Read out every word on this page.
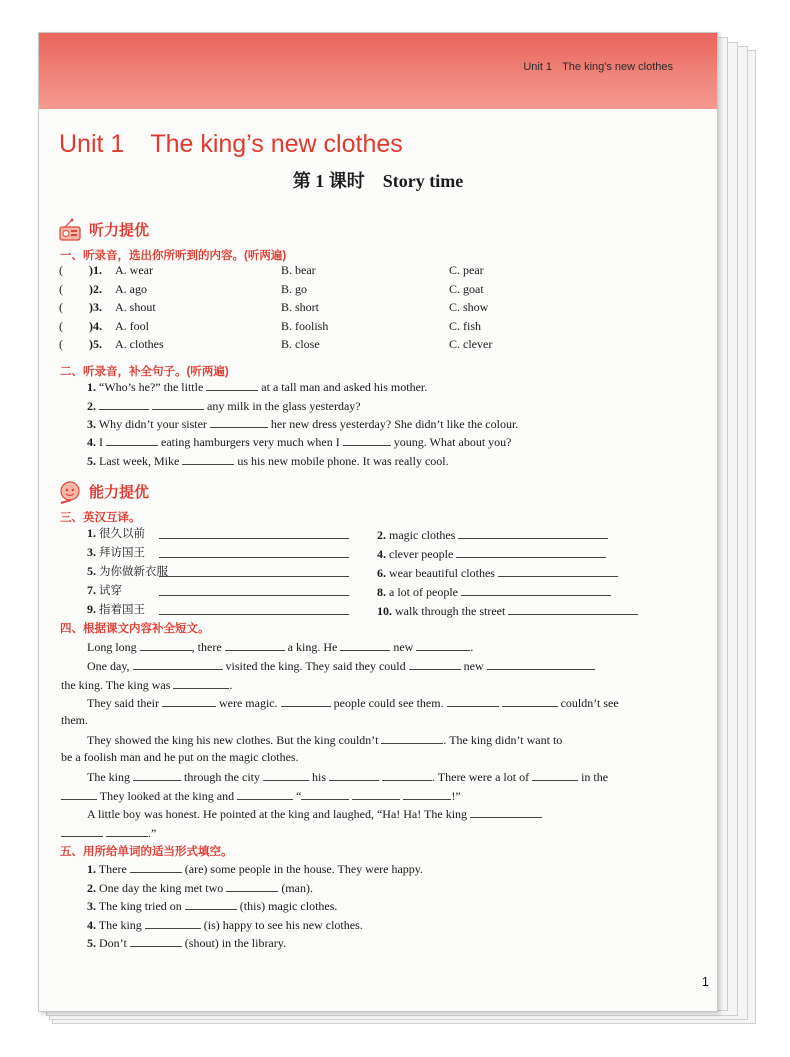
Unit 1 The king's new clothes
Unit 1 The king’s new clothes
第 1 课时 Story time
听力提优
一、听录音，选出你所听到的内容。(听两遍)
二、听录音，补全句子。(听两遍)
1. “Who’s he?” the little	at a tall man and asked his mother.
2.	any milk in the glass yesterday?
3. Why didn’t your sister	her new dress yesterday? She didn’t like the colour.
4. I	eating hamburgers very much when I	young. What about you?
5. Last week, Mike	us his new mobile phone. It was really cool.
能力提优
三、英汉互译。
四、根据课文内容补全短文。
Long long	, there	a king. He	new	.
One day,	visited the king. They said they could	new
the king. The king was	.
They said their	were magic.	people could see them.	couldn’t see
them.
They showed the king his new clothes. But the king couldn’t	. The king didn’t want to
be a foolish man and he put on the magic clothes.
The king	through the city	his	. There were a lot of	in the
They looked at the king and	“	!”
A little boy was honest. He pointed at the king and laughed, “Ha! Ha! The king
.”
五、用所给单词的适当形式填空。
1. There	(are) some people in the house. They were happy.
2. One day the king met two	(man).
3. The king tried on	(this) magic clothes.
4. The king	(is) happy to see his new clothes.
5. Don’t	(shout) in the library.
1
( )1. A. wear	B. bear	C. pear
( )2. A. ago	B. go	C. goat
( )3. A. shout	B. short	C. show
( )4. A. fool	B. foolish	C. fish
( )5. A. clothes	B. close	C. clever
1. 很久以前	2. magic clothes
3. 拜访国王	4. clever people
5. 为你做新衣服	6. wear beautiful clothes
7. 试穿	8. a lot of people
9. 指着国王	10. walk through the street
